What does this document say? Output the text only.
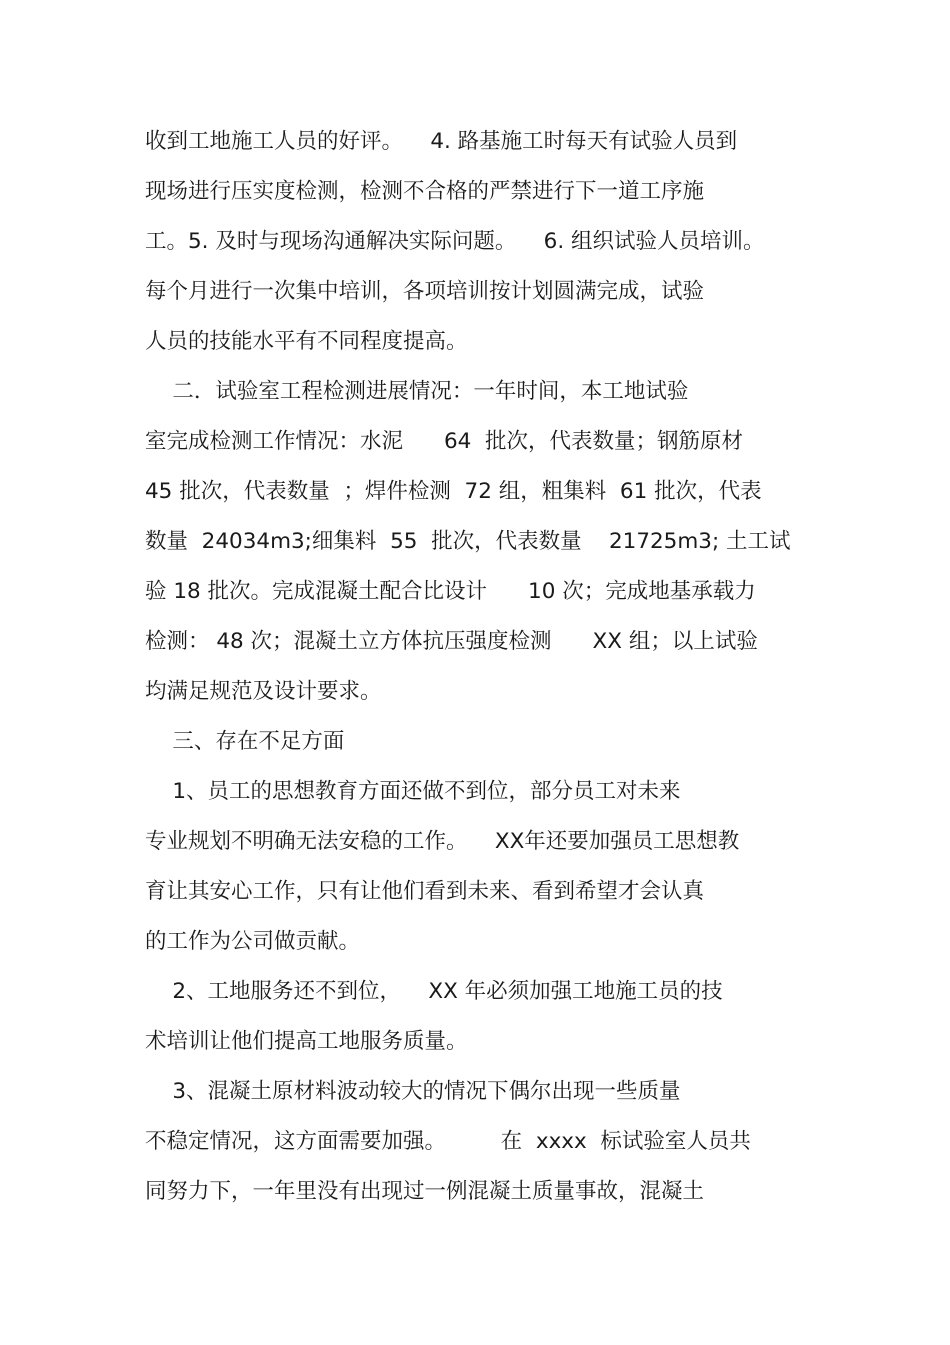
收到工地施工人员的好评。    4. 路基施工时每天有试验人员到
现场进行压实度检测，检测不合格的严禁进行下一道工序施
工。5. 及时与现场沟通解决实际问题。    6. 组织试验人员培训。
每个月进行一次集中培训，各项培训按计划圆满完成，试验
人员的技能水平有不同程度提高。
二．试验室工程检测进展情况：一年时间，本工地试验
室完成检测工作情况：水泥      64  批次，代表数量；钢筋原材
45 批次，代表数量  ；焊件检测  72 组，粗集料  61 批次，代表
数量  24034m3;细集料  55  批次，代表数量    21725m3; 土工试
验 18 批次。完成混凝土配合比设计      10 次；完成地基承载力
检测： 48 次；混凝土立方体抗压强度检测      XX 组；以上试验
均满足规范及设计要求。
三、存在不足方面
1、员工的思想教育方面还做不到位，部分员工对未来
专业规划不明确无法安稳的工作。    XX年还要加强员工思想教
育让其安心工作，只有让他们看到未来、看到希望才会认真
的工作为公司做贡献。
2、工地服务还不到位，    XX 年必须加强工地施工员的技
术培训让他们提高工地服务质量。
3、混凝土原材料波动较大的情况下偶尔出现一些质量
不稳定情况，这方面需要加强。        在  xxxx  标试验室人员共
同努力下，一年里没有出现过一例混凝土质量事故，混凝土
